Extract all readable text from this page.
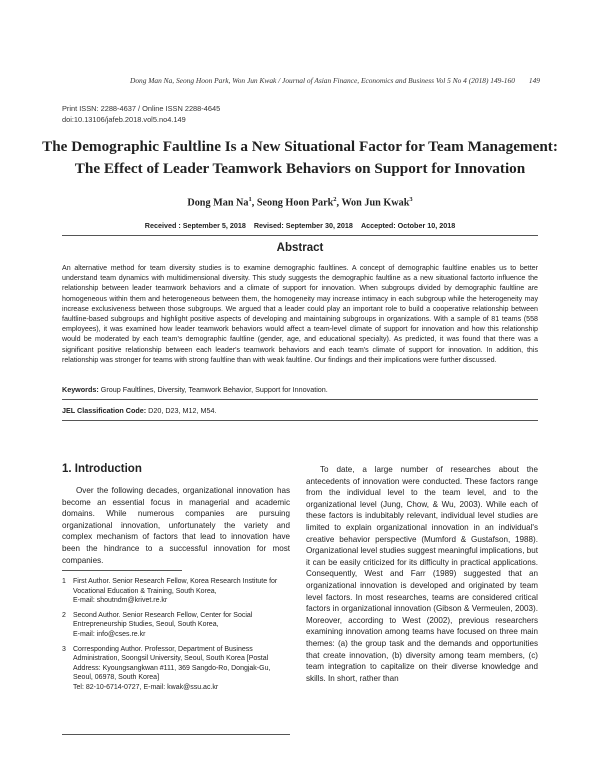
Dong Man Na, Seong Hoon Park, Won Jun Kwak / Journal of Asian Finance, Economics and Business Vol 5 No 4 (2018) 149-160 149
Print ISSN: 2288-4637 / Online ISSN 2288-4645
doi:10.13106/jafeb.2018.vol5.no4.149
The Demographic Faultline Is a New Situational Factor for Team Management:
The Effect of Leader Teamwork Behaviors on Support for Innovation
Dong Man Na$^1$, Seong Hoon Park$^2$, Won Jun Kwak$^3$
Received : September 5, 2018 Revised: September 30, 2018 Accepted: October 10, 2018
Abstract
An alternative method for team diversity studies is to examine demographic faultlines. A concept of demographic faultline enables us to better understand team dynamics with multidimensional diversity. This study suggests the demographic faultline as a new situational factorto influence the relationship between leader teamwork behaviors and a climate of support for innovation. When subgroups divided by demographic faultline are homogeneous within them and heterogeneous between them, the homogeneity may increase intimacy in each subgroup while the heterogeneity may increase exclusiveness between those subgroups. We argued that a leader could play an important role to build a cooperative relationship between faultline-based subgroups and highlight positive aspects of developing and maintaining subgroups in organizations. With a sample of 81 teams (558 employees), it was examined how leader teamwork behaviors would affect a team-level climate of support for innovation and how this relationship would be moderated by each team's demographic faultline (gender, age, and educational specialty). As predicted, it was found that there was a significant positive relationship between each leader's teamwork behaviors and each team's climate of support for innovation. In addition, this relationship was stronger for teams with strong faultline than with weak faultline. Our findings and their implications were further discussed.
Keywords: Group Faultlines, Diversity, Teamwork Behavior, Support for Innovation.
JEL Classification Code: D20, D23, M12, M54.
1. Introduction

Over the following decades, organizational innovation has become an essential focus in managerial and academic domains. While numerous companies are pursuing organizational innovation, unfortunately the variety and complex mechanism of factors that lead to innovation have been the hindrance to a successful innovation for most companies.

To date, a large number of researches about the antecedents of innovation were conducted. These factors range from the individual level to the team level, and to the organizational level (Jung, Chow, & Wu, 2003). While each of these factors is indubitably relevant, individual level studies are limited to explain organizational innovation in an individual's creative behavior perspective (Mumford & Gustafson, 1988). Organizational level studies suggest meaningful implications, but it can be easily criticized for its difficulty in practical applications. Consequently, West and Farr (1989) suggested that an organizational innovation is developed and originated by team level factors. In most researches, teams are considered critical factors in organizational innovation (Gibson & Vermeulen, 2003). Moreover, according to West (2002), previous researchers examining innovation among teams have focused on three main themes: (a) the group task and the demands and opportunities that create innovation, (b) diversity among team members, (c) team integration to capitalize on their diverse knowledge and skills. In short, rather than

1 First Author. Senior Research Fellow, Korea Research Institute for Vocational Education & Training, South Korea,
E-mail: shoutndm@krivet.re.kr
2 Second Author. Senior Research Fellow, Center for Social Entrepreneurship Studies, Seoul, South Korea,
E-mail: info@cses.re.kr
3 Corresponding Author. Professor, Department of Business Administration, Soongsil University, Seoul, South Korea [Postal Address: Kyoungsangkwan #111, 369 Sangdo-Ro, Dongjak-Gu, Seoul, 06978, South Korea]
Tel: 82-10-6714-0727, E-mail: kwak@ssu.ac.kr
